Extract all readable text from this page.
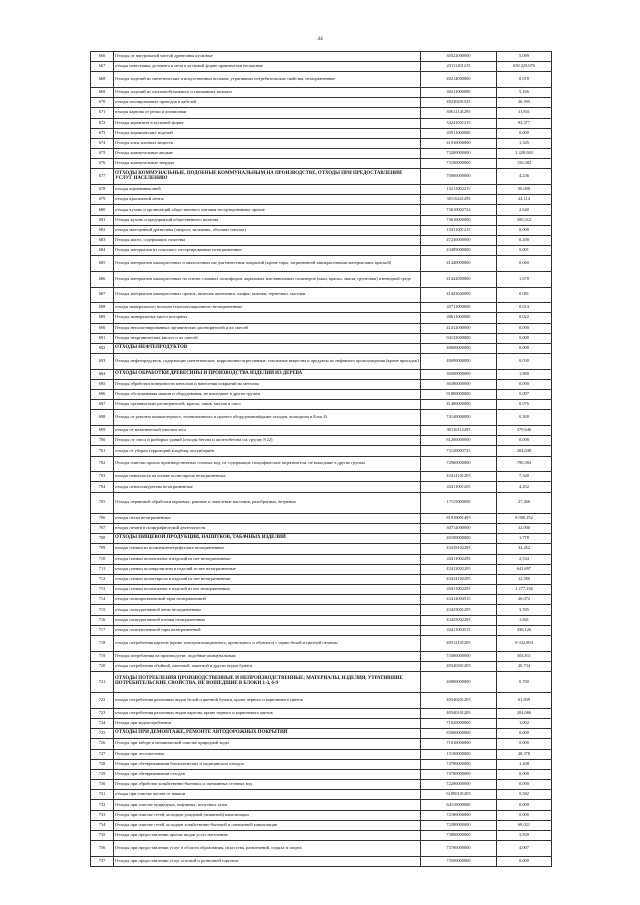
44
666	Отходы от натуральной чистой древесины кусковые	30522000000	5,089
667	отходы известняка, доломита и мела в кусковой форме практически неопасные	23111201215	650 229,076
668	Отходы изделий из синтетических и искусственных волокон, утративших потребительские свойства, незагрязненные	40214000000	0,018
669	Отходы изделий из хлопчатобумажного и смешанных волокон	40211000000	5,166
670	отходы изолированных проводов и кабелей	48230201525	26,395
671	отходы картона от резки и штамповки	30612141295	11,831
672	Отходы керамзита в кусковой форме	34241001215	93,377
673	Отходы керамических изделий	45911000000	0,000
674	Отходы клея, клеевых веществ	41910000000	1,345
675	Отходы коммунальные жидкие	73200000000	2 428,040
676	Отходы коммунальные твердые	73100000000	156,382
677	ОТХОДЫ КОММУНАЛЬНЫЕ, ПОДОБНЫЕ КОММУНАЛЬНЫМ НА ПРОИЗВОДСТВЕ, ОТХОДЫ ПРИ ПРЕДОСТАВЛЕНИИ УСЛУГ НАСЕЛЕНИЮ	70000000000	4,236
678	отходы корчевания пней	15211002215	50,000
679	отходы красильной ленты	30116241295	24,114
680	отходы кухонь и организаций общественного питания несортированные прочие	73610002724	2,640
681	Отходы кухонь и предприятий общественного питания	73610000000	500,312
682	отходы малоценной древесины (хворост, валежник, обломки стволов)	15411001215	0,000
683	Отходы масел, содержащих галогены	47230000000	0,200
684	Отходы материалов из пластмасс несортированные незагрязненные	43499000000	0,001
685	Отходы материалов лакокрасочных и аналогичных им для нанесения покрытий (кроме тары, загрязненной лакокрасочными материалами, краской)	41440000000	0,060
686	Отходы материалов лакокрасочных на основе сложных полиэфиров, акриловых или виниловых полимеров (лаки, краски, эмали, грунтовки) в неводной среде	41442000000	1,678
687	Отходы материалов лакокрасочных прочих, включая шпатлевки, олифы, замазки, герметики, мастики	41443000000	0,081
688	отходы минерального волокна теплоизоляционного незагрязненные	45711000000	0,014
689	Отходы минеральных масел моторных	40611000000	0,022
690	Отходы негалогенированных органических растворителей и их смесей	41412000000	0,000
691	Отходы неорганических кислот и их смесей	94132000000	0,000
692	ОТХОДЫ НЕФТЕПРОДУКТОВ	40600000000	0,000
693	Отходы нефтепродуктов, содержащие синтетические, коррозионно-агрессивные, токсичные вещества и продукты их нефтяного происхождения (кроме присадок)	40690000000	0,030
694	ОТХОДЫ ОБРАБОТКИ ДРЕВЕСИНЫ И ПРОИЗВОДСТВА ИЗДЕЛИЙ ИЗ ДЕРЕВА	30500000000	1,880
695	Отходы обработки поверхности металлов и нанесения покрытий на металлы	36300000000	0,000
696	Отходы обслуживания машин и оборудования, не вошедшие в другие группы	91800000000	0,097
697	Отходы органических растворителей, красок, лаков, мастик и смол	41400000000	0,076
698	Отходы от ремонта компьютерного, телевизионного и прочего оборудования(кроме отходов, вошедших в Блок 4)	74140000000	0,300
699	отходы от механической очистки леса	30116112295	379,646
700	Отходы от сноса и разборки зданий (отходы бетона и железобетона см. группу 8 22)	81200000000	0,008
701	отходы от уборки территорий кладбищ, колумбариев	73120003725	204,048
702	Отходы очистки прочих производственных сточных вод, не содержащие специфические загрязнители, не вошедшие в другие группы	72900000000	790,584
703	отходы пенопласта на основе полистирола незагрязненные	43414101205	7,340
704	отходы пенополиуретана незагрязненные	43411001205	4,452
705	Отходы первичной обработки корковых, раковые и ламелевые массивов, рахобратных, ветряных	17115000000	27,466
706	отходы песка незагрязненные	81910001495	8 080,252
707	отходы печати в полиграфической деятельности	30712000000	12,000
708	ОТХОДЫ ПИЩЕВОЙ ПРОДУКЦИИ, НАПИТКОВ, ТАБАЧНЫХ ИЗДЕЛИЙ	40100000000	1,778
709	отходы пленки из полиэтилентерефталата незагрязненные	43418102295	34,452
710	отходы пленки полиэтилена и изделий из нее незагрязненные	43411002295	2,534
711	отходы пленки полипропилена и изделий из нее незагрязненные	43412002295	641,897
712	отходы пленки полистирола и изделий из нее незагрязненные	43414102295	12,580
713	отходы пленки полиэтилена в изделий из нее незагрязненные	43411002295	1 277,236
714	отходы полипропиленовой тары незагрязненной	43412004515	26,072
715	отходы полиуретановой пены незагрязненные	43425001295	3,595
716	отходы полиуретановой пленки незагрязненные	43425002295	1,841
717	отходы полиэтиленовой тары незагрязненной	43411004515	436,126
718	отходы потребления картона (кроме электроизоляционного, кровельного и обувного) с черно-белой и цветной печатью	40512101205	8 332,894
719	Отходы потребления на производстве, подобные коммунальным	73300000000	304,811
720	отходы потребления обойной, пачечной, пакетной и других видов бумаги	40540301205	20,734
721	ОТХОДЫ ПОТРЕБЛЕНИЯ ПРОИЗВОДСТВЕННЫЕ И НЕПРОИЗВОДСТВЕННЫЕ; МАТЕРИАЛЫ, ИЗДЕЛИЯ, УТРАТИВШИЕ ПОТРЕБИТЕЛЬСКИЕ СВОЙСТВА, НЕ ВОШЕДШИЕ В БЛОКИ 1-3, 6-9	40000000000	0,700
722	отходы потребления различных видов белой и цветной бумаги, кроме черного и коричневого цветов	40540201205	61,839
723	отходы потребления различных видов картона, кроме черного и коричневого цветов	40540101205	204,066
724	Отходы при водопотреблении	71020000000	1,002
725	ОТХОДЫ ПРИ ДЕМОНТАЖЕ, РЕМОНТЕ АВТОДОРОЖНЫХ ПОКРЫТИЙ	83000000000	0,000
726	Отходы при заборе и механической очистке природной воды	71010000000	0,000
727	Отходы при лесозаготовке	15100000000	28,378
728	Отходы при обезвреживании биологических и медицинских отходов	74780000000	1,208
729	Отходы при обезвреживании отходов	74700000000	0,000
730	Отходы при обработке хозяйственно-бытовых и смешанных сточных вод	72200000000	0,000
731	отходы при очистке котлов от накипи	61890101205	0,582
732	Отходы при очистке природных, нефтяных, попутных газов	64110000000	0,000
733	Отходы при очистке сетей, колодцев дождевой (ливневой) канализации	72180000000	0,000
734	Отходы при очистке сетей, колодцев хозяйственно-бытовой и смешанной канализации	72280000000	68,021
735	Отходы при предоставлении прочих видов услуг населению	73900000000	3,839
736	Отходы при предоставлении услуг в области образования, искусства, развлечений, отдыха и спорта	73700000000	4,007
737	Отходы при предоставлении услуг оптовой и розничной торговли	73500000000	0,000
